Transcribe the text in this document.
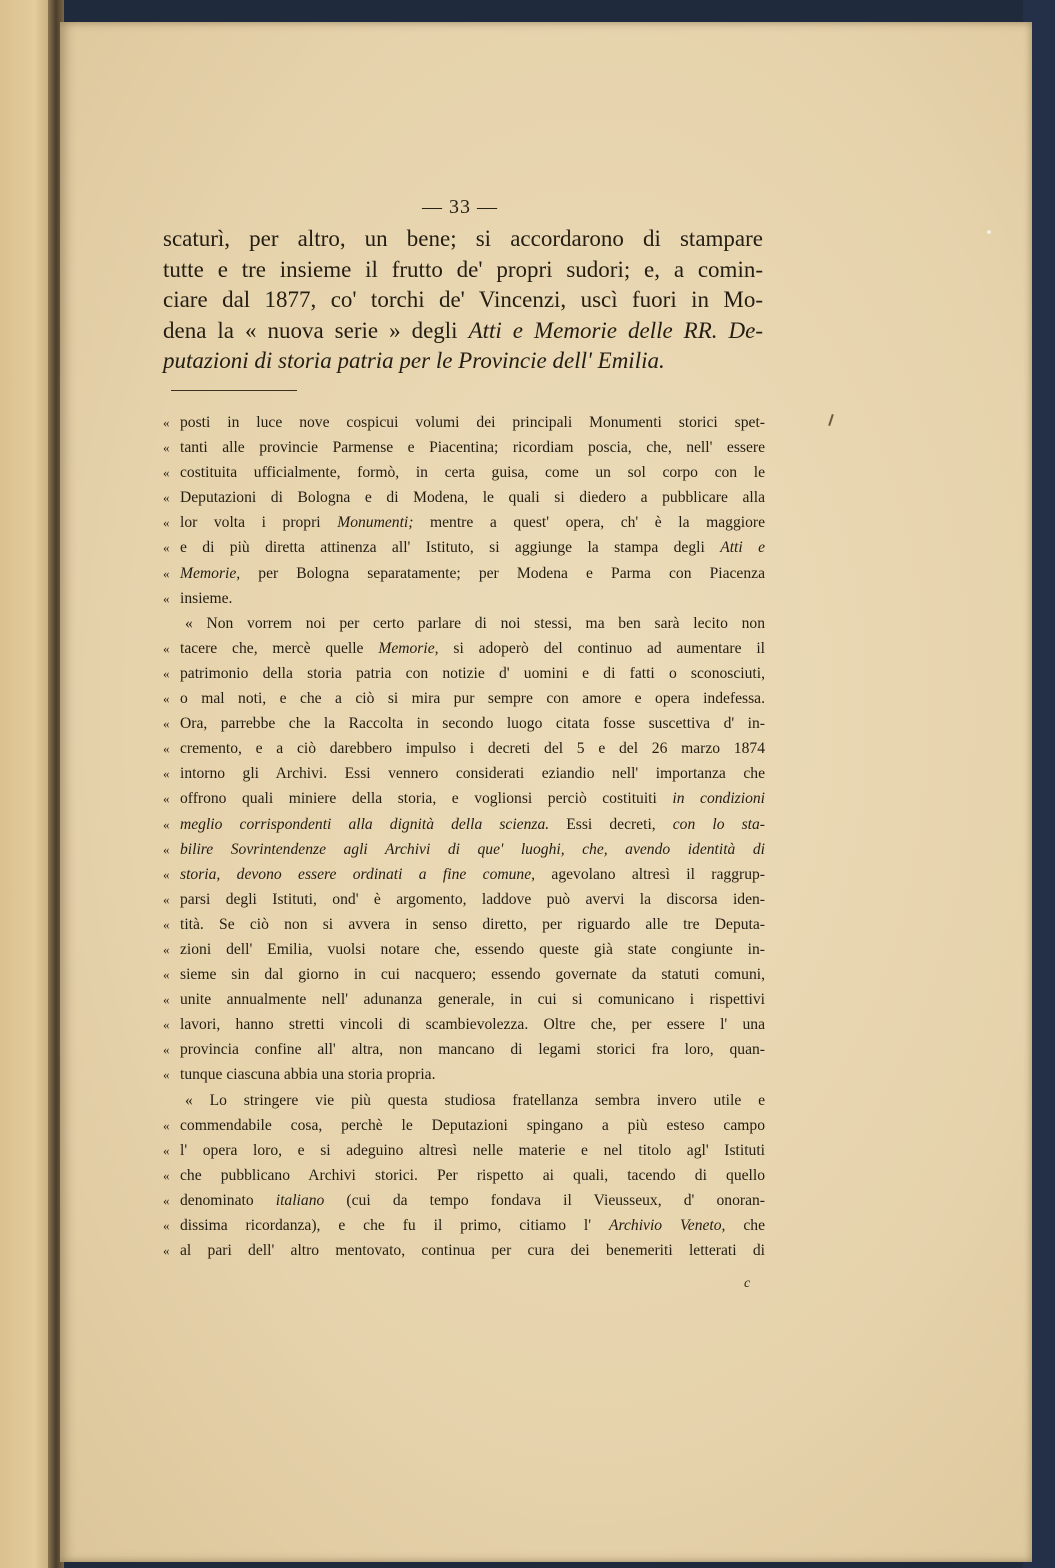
— 33 —
scaturì, per altro, un bene; si accordarono di stampare
tutte e tre insieme il frutto de' propri sudori; e, a comin-
ciare dal 1877, co' torchi de' Vincenzi, uscì fuori in Mo-
dena la « nuova serie » degli Atti e Memorie delle RR. De-
putazioni di storia patria per le Provincie dell' Emilia.
« posti in luce nove cospicui volumi dei principali Monumenti storici spet-
« tanti alle provincie Parmense e Piacentina; ricordiam poscia, che, nell' essere
« costituita ufficialmente, formò, in certa guisa, come un sol corpo con le
« Deputazioni di Bologna e di Modena, le quali si diedero a pubblicare alla
« lor volta i propri Monumenti; mentre a quest' opera, ch' è la maggiore
« e di più diretta attinenza all' Istituto, si aggiunge la stampa degli Atti e
« Memorie, per Bologna separatamente; per Modena e Parma con Piacenza
« insieme.
« Non vorrem noi per certo parlare di noi stessi, ma ben sarà lecito non
« tacere che, mercè quelle Memorie, si adoperò del continuo ad aumentare il
« patrimonio della storia patria con notizie d' uomini e di fatti o sconosciuti,
« o mal noti, e che a ciò si mira pur sempre con amore e opera indefessa.
« Ora, parrebbe che la Raccolta in secondo luogo citata fosse suscettiva d' in-
« cremento, e a ciò darebbero impulso i decreti del 5 e del 26 marzo 1874
« intorno gli Archivi. Essi vennero considerati eziandio nell' importanza che
« offrono quali miniere della storia, e voglionsi perciò costituiti in condizioni
« meglio corrispondenti alla dignità della scienza. Essi decreti, con lo sta-
« bilire Sovrintendenze agli Archivi di que' luoghi, che, avendo identità di
« storia, devono essere ordinati a fine comune, agevolano altresì il raggrup-
« parsi degli Istituti, ond' è argomento, laddove può avervi la discorsa iden-
« tità. Se ciò non si avvera in senso diretto, per riguardo alle tre Deputa-
« zioni dell' Emilia, vuolsi notare che, essendo queste già state congiunte in-
« sieme sin dal giorno in cui nacquero; essendo governate da statuti comuni,
« unite annualmente nell' adunanza generale, in cui si comunicano i rispettivi
« lavori, hanno stretti vincoli di scambievolezza. Oltre che, per essere l' una
« provincia confine all' altra, non mancano di legami storici fra loro, quan-
« tunque ciascuna abbia una storia propria.
« Lo stringere vie più questa studiosa fratellanza sembra invero utile e
« commendabile cosa, perchè le Deputazioni spingano a più esteso campo
« l' opera loro, e si adeguino altresì nelle materie e nel titolo agl' Istituti
« che pubblicano Archivi storici. Per rispetto ai quali, tacendo di quello
« denominato italiano (cui da tempo fondava il Vieusseux, d' onoran-
« dissima ricordanza), e che fu il primo, citiamo l' Archivio Veneto, che
« al pari dell' altro mentovato, continua per cura dei benemeriti letterati di
c
